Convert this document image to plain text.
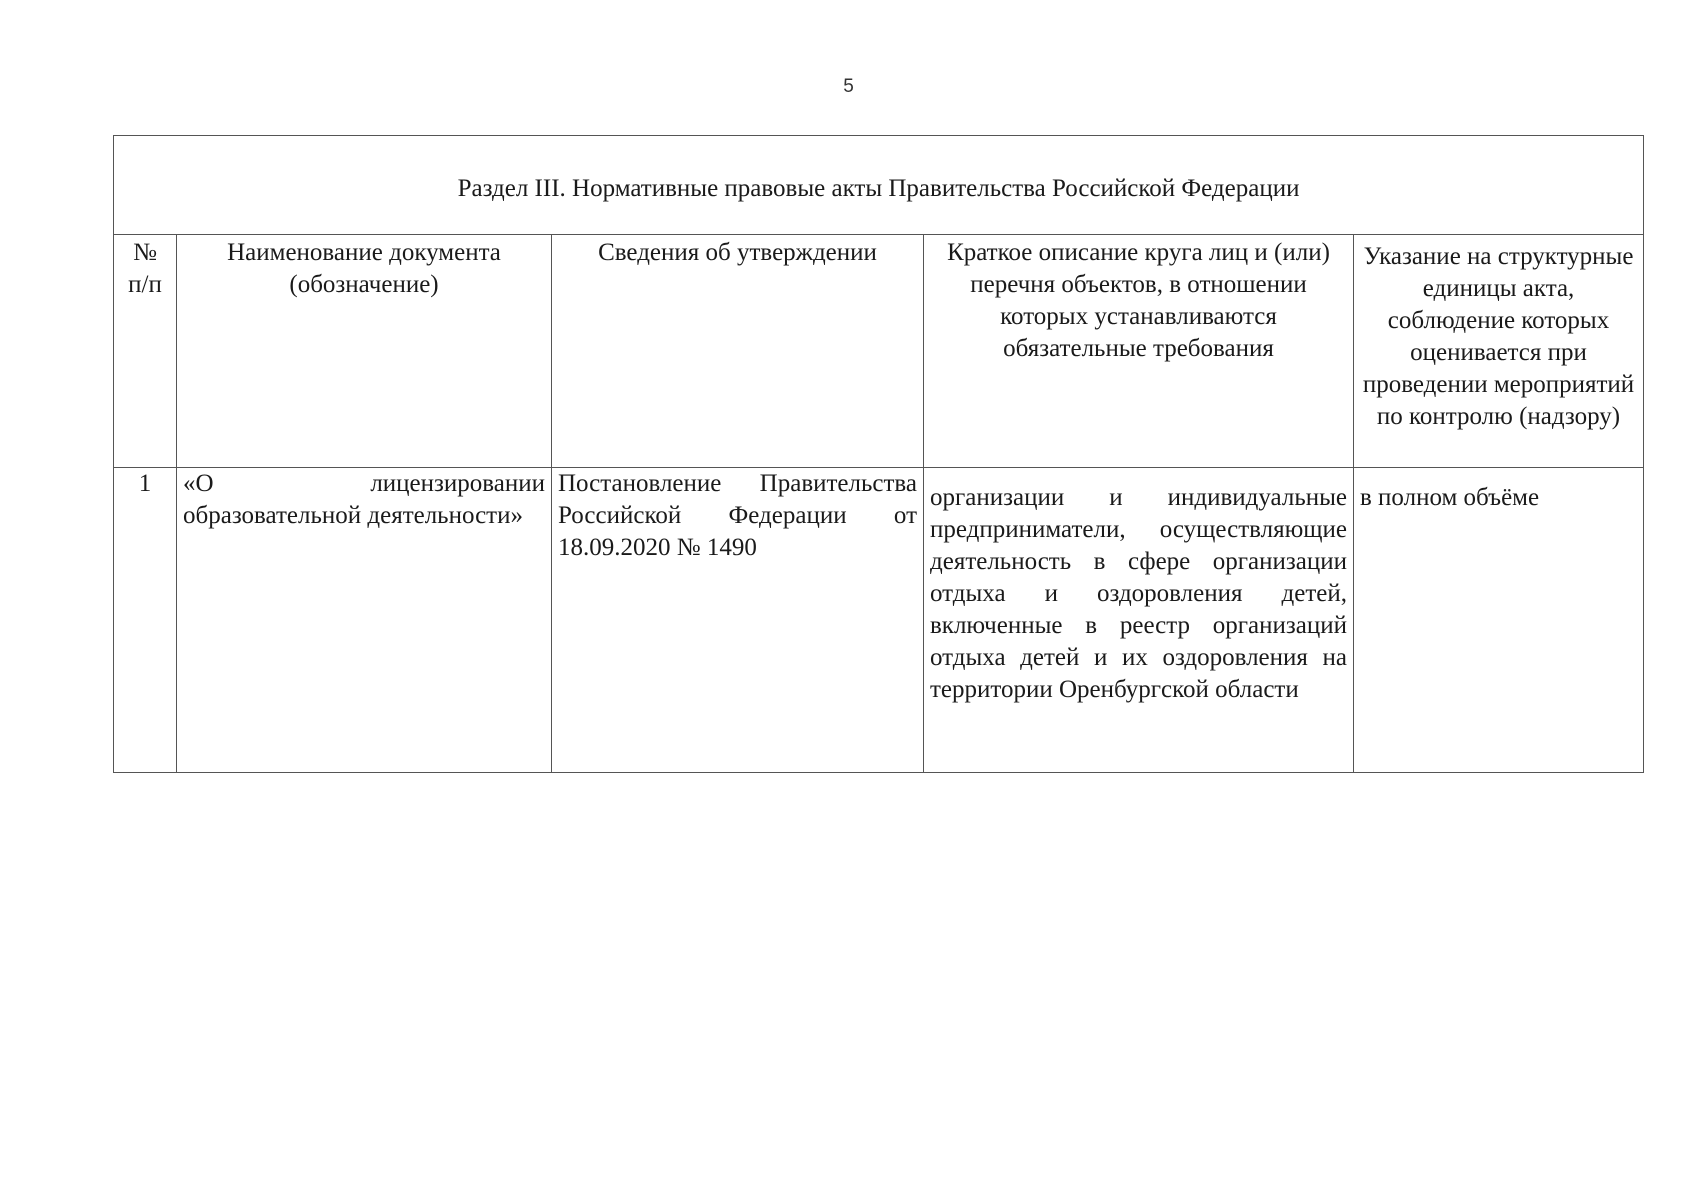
5
Раздел III. Нормативные правовые акты Правительства Российской Федерации				
№ п/п	Наименование документа (обозначение)	Сведения об утверждении	Краткое описание круга лиц и (или) перечня объектов, в отношении которых устанавливаются обязательные требования	Указание на структурные единицы акта, соблюдение которых оценивается при проведении мероприятий по контролю (надзору)
1	«О лицензировании образовательной деятельности»	Постановление Правительства Российской Федерации от 18.09.2020 № 1490	организации и индивидуальные предприниматели, осуществляющие деятельность в сфере организации отдыха и оздоровления детей, включенные в реестр организаций отдыха детей и их оздоровления на территории Оренбургской области	в полном объёме
